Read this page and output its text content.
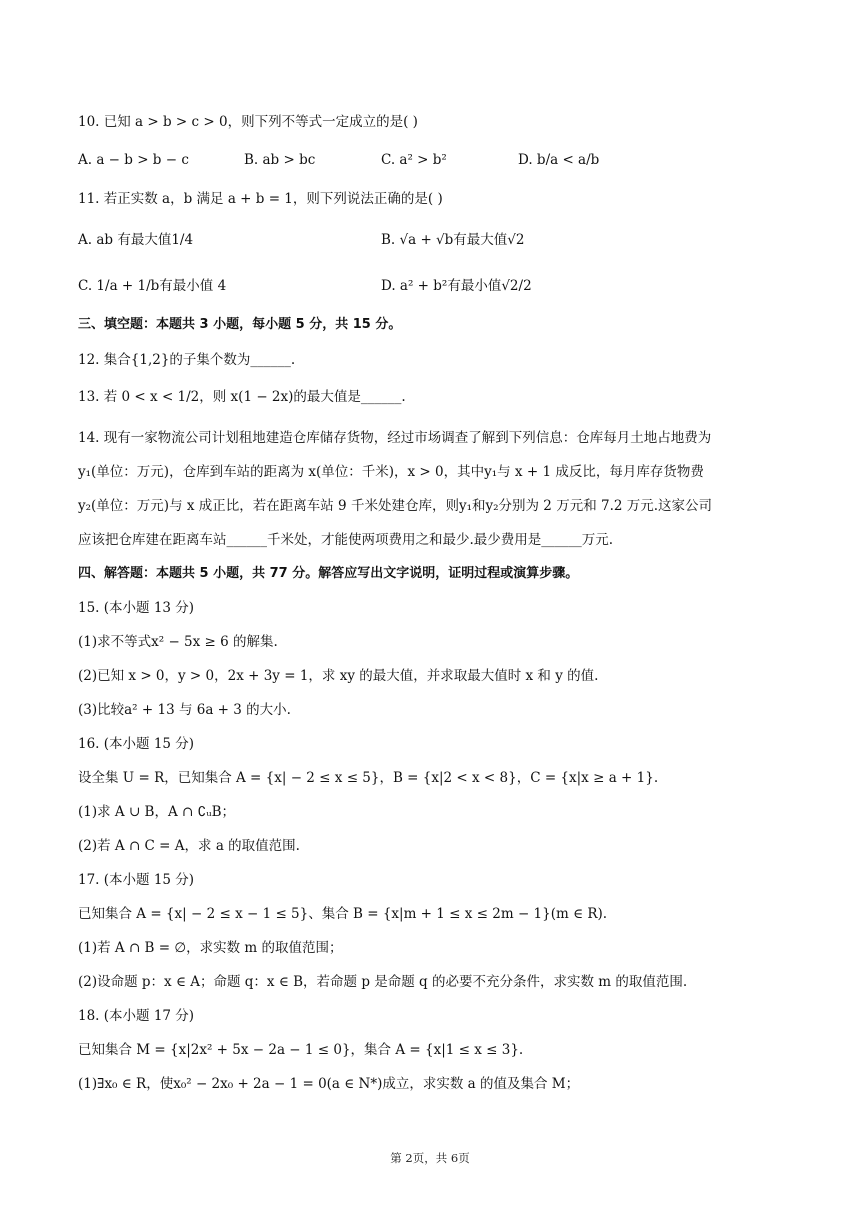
10. 已知 a > b > c > 0，则下列不等式一定成立的是( )
A. a − b > b − c	B. ab > bc	C. a² > b²	D. b/a < a/b
11. 若正实数 a，b 满足 a + b = 1，则下列说法正确的是( )
A. ab 有最大值1/4	B. √a + √b有最大值√2
C. 1/a + 1/b有最小值 4	D. a² + b²有最小值√2/2
三、填空题：本题共 3 小题，每小题 5 分，共 15 分。
12. 集合{1,2}的子集个数为______.
13. 若 0 < x < 1/2，则 x(1 − 2x)的最大值是______.
14. 现有一家物流公司计划租地建造仓库储存货物，经过市场调查了解到下列信息：仓库每月土地占地费为
y₁(单位：万元)，仓库到车站的距离为 x(单位：千米)，x > 0，其中y₁与 x + 1 成反比，每月库存货物费
y₂(单位：万元)与 x 成正比，若在距离车站 9 千米处建仓库，则y₁和y₂分别为 2 万元和 7.2 万元.这家公司
应该把仓库建在距离车站______千米处，才能使两项费用之和最少.最少费用是______万元.
四、解答题：本题共 5 小题，共 77 分。解答应写出文字说明，证明过程或演算步骤。
15. (本小题 13 分)
(1)求不等式x² − 5x ≥ 6 的解集.
(2)已知 x > 0，y > 0，2x + 3y = 1，求 xy 的最大值，并求取最大值时 x 和 y 的值.
(3)比较a² + 13 与 6a + 3 的大小.
16. (本小题 15 分)
设全集 U = R，已知集合 A = {x| − 2 ≤ x ≤ 5}，B = {x|2 < x < 8}，C = {x|x ≥ a + 1}.
(1)求 A ∪ B，A ∩ ∁ᵤB；
(2)若 A ∩ C = A，求 a 的取值范围.
17. (本小题 15 分)
已知集合 A = {x| − 2 ≤ x − 1 ≤ 5}、集合 B = {x|m + 1 ≤ x ≤ 2m − 1}(m ∈ R).
(1)若 A ∩ B = ∅，求实数 m 的取值范围；
(2)设命题 p：x ∈ A；命题 q：x ∈ B，若命题 p 是命题 q 的必要不充分条件，求实数 m 的取值范围.
18. (本小题 17 分)
已知集合 M = {x|2x² + 5x − 2a − 1 ≤ 0}，集合 A = {x|1 ≤ x ≤ 3}.
(1)∃x₀ ∈ R，使x₀² − 2x₀ + 2a − 1 = 0(a ∈ N*)成立，求实数 a 的值及集合 M；
第 2页，共 6页
